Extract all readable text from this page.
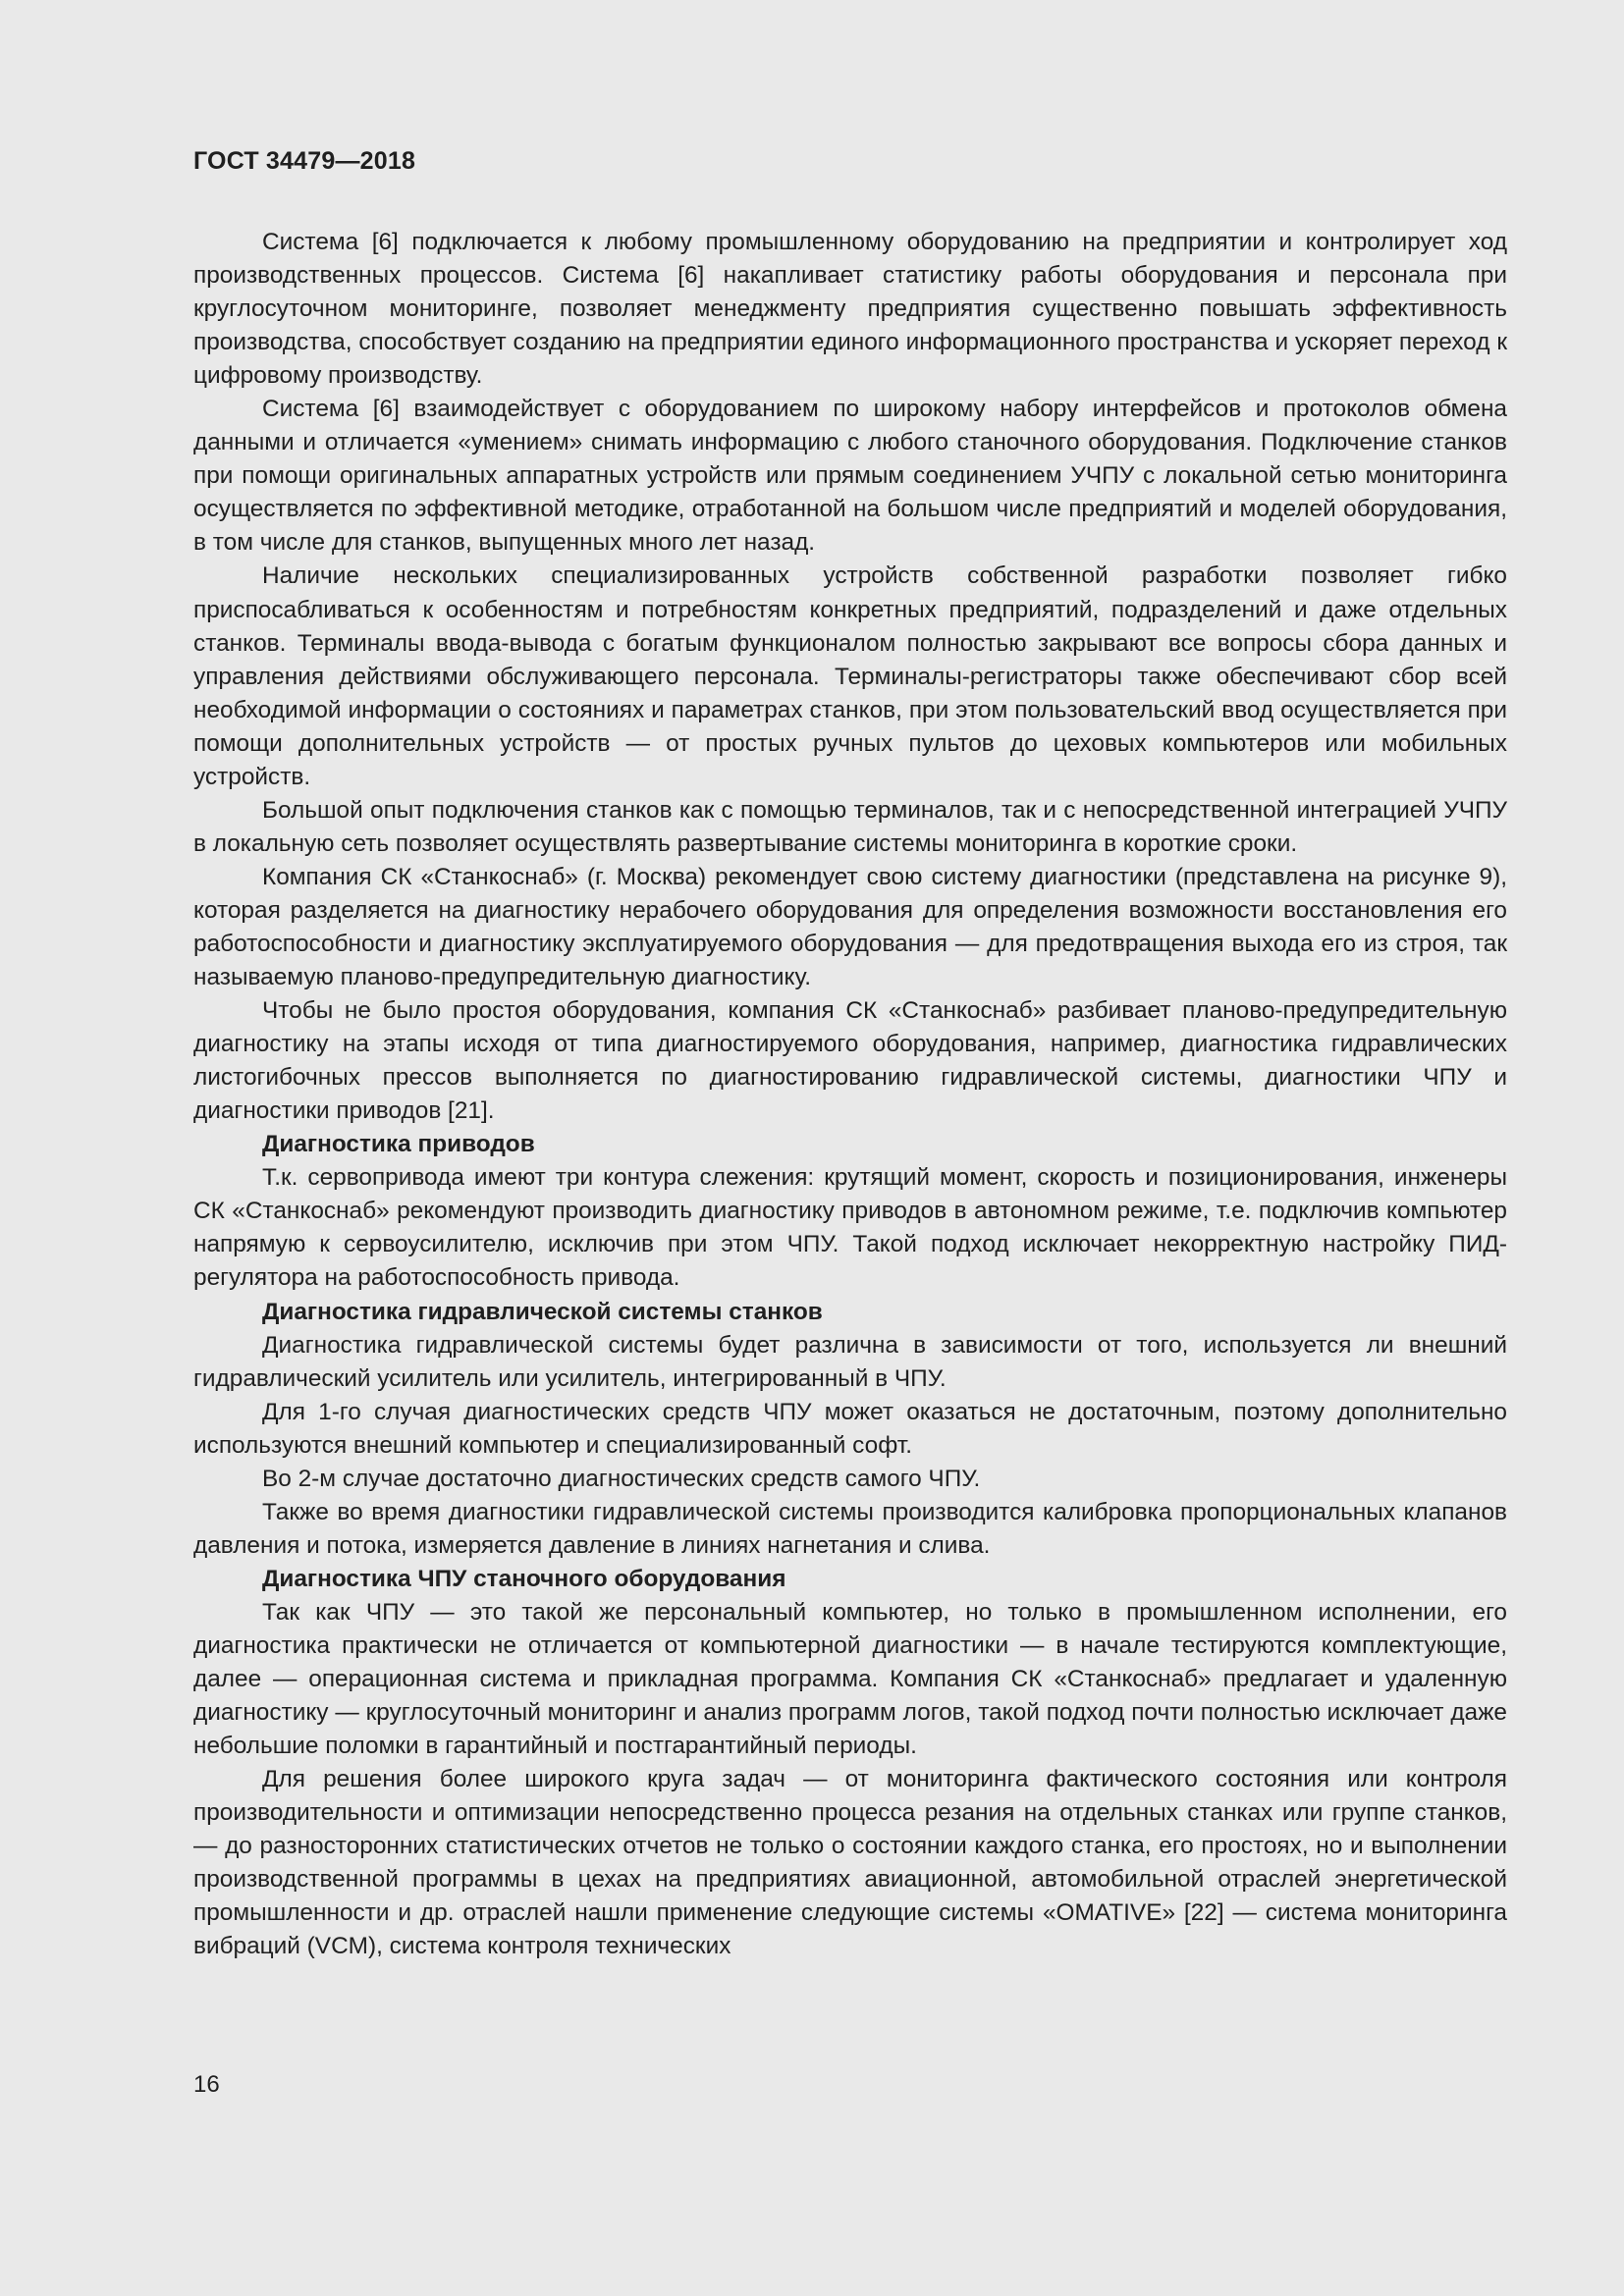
ГОСТ 34479—2018

Система [6] подключается к любому промышленному оборудованию на предприятии и контролирует ход производственных процессов. Система [6] накапливает статистику работы оборудования и персонала при круглосуточном мониторинге, позволяет менеджменту предприятия существенно повышать эффективность производства, способствует созданию на предприятии единого информационного пространства и ускоряет переход к цифровому производству.

Система [6] взаимодействует с оборудованием по широкому набору интерфейсов и протоколов обмена данными и отличается «умением» снимать информацию с любого станочного оборудования. Подключение станков при помощи оригинальных аппаратных устройств или прямым соединением УЧПУ с локальной сетью мониторинга осуществляется по эффективной методике, отработанной на большом числе предприятий и моделей оборудования, в том числе для станков, выпущенных много лет назад.

Наличие нескольких специализированных устройств собственной разработки позволяет гибко приспосабливаться к особенностям и потребностям конкретных предприятий, подразделений и даже отдельных станков. Терминалы ввода-вывода с богатым функционалом полностью закрывают все вопросы сбора данных и управления действиями обслуживающего персонала. Терминалы-регистраторы также обеспечивают сбор всей необходимой информации о состояниях и параметрах станков, при этом пользовательский ввод осуществляется при помощи дополнительных устройств — от простых ручных пультов до цеховых компьютеров или мобильных устройств.

Большой опыт подключения станков как с помощью терминалов, так и с непосредственной интеграцией УЧПУ в локальную сеть позволяет осуществлять развертывание системы мониторинга в короткие сроки.

Компания СК «Станкоснаб» (г. Москва) рекомендует свою систему диагностики (представлена на рисунке 9), которая разделяется на диагностику нерабочего оборудования для определения возможности восстановления его работоспособности и диагностику эксплуатируемого оборудования — для предотвращения выхода его из строя, так называемую планово-предупредительную диагностику.

Чтобы не было простоя оборудования, компания СК «Станкоснаб» разбивает планово-предупредительную диагностику на этапы исходя от типа диагностируемого оборудования, например, диагностика гидравлических листогибочных прессов выполняется по диагностированию гидравлической системы, диагностики ЧПУ и диагностики приводов [21].

Диагностика приводов

Т.к. сервопривода имеют три контура слежения: крутящий момент, скорость и позиционирования, инженеры СК «Станкоснаб» рекомендуют производить диагностику приводов в автономном режиме, т.е. подключив компьютер напрямую к сервоусилителю, исключив при этом ЧПУ. Такой подход исключает некорректную настройку ПИД-регулятора на работоспособность привода.

Диагностика гидравлической системы станков

Диагностика гидравлической системы будет различна в зависимости от того, используется ли внешний гидравлический усилитель или усилитель, интегрированный в ЧПУ.

Для 1-го случая диагностических средств ЧПУ может оказаться не достаточным, поэтому дополнительно используются внешний компьютер и специализированный софт.

Во 2-м случае достаточно диагностических средств самого ЧПУ.

Также во время диагностики гидравлической системы производится калибровка пропорциональных клапанов давления и потока, измеряется давление в линиях нагнетания и слива.

Диагностика ЧПУ станочного оборудования

Так как ЧПУ — это такой же персональный компьютер, но только в промышленном исполнении, его диагностика практически не отличается от компьютерной диагностики — в начале тестируются комплектующие, далее — операционная система и прикладная программа. Компания СК «Станкоснаб» предлагает и удаленную диагностику — круглосуточный мониторинг и анализ программ логов, такой подход почти полностью исключает даже небольшие поломки в гарантийный и постгарантийный периоды.

Для решения более широкого круга задач — от мониторинга фактического состояния или контроля производительности и оптимизации непосредственно процесса резания на отдельных станках или группе станков, — до разносторонних статистических отчетов не только о состоянии каждого станка, его простоях, но и выполнении производственной программы в цехах на предприятиях авиационной, автомобильной отраслей энергетической промышленности и др. отраслей нашли применение следующие системы «OMATIVE» [22] — система мониторинга вибраций (VCM), система контроля технических

16
